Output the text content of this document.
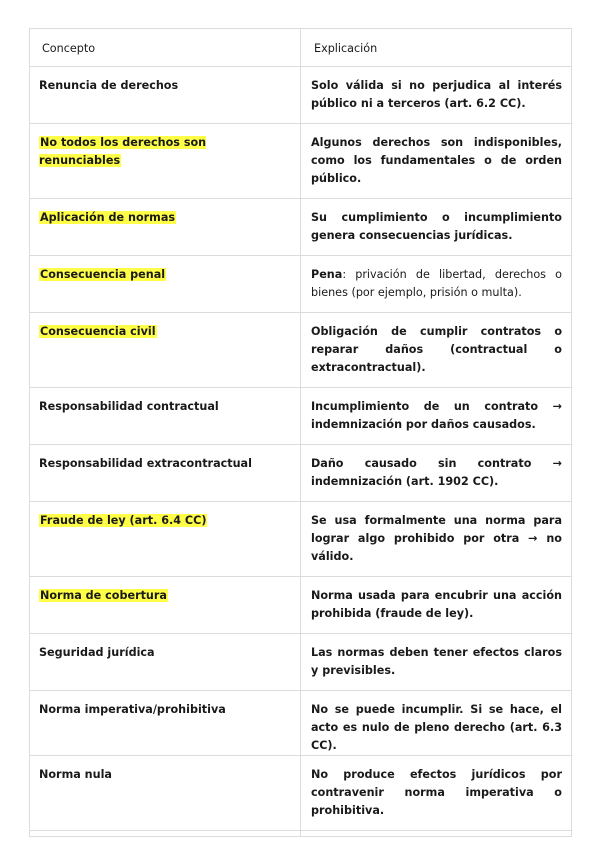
Concepto	Explicación
Renuncia de derechos	Solo válida si no perjudica al interés público ni a terceros (art. 6.2 CC).
No todos los derechos son renunciables	Algunos derechos son indisponibles, como los fundamentales o de orden público.
Aplicación de normas	Su cumplimiento o incumplimiento genera consecuencias jurídicas.
Consecuencia penal	Pena: privación de libertad, derechos o bienes (por ejemplo, prisión o multa).
Consecuencia civil	Obligación de cumplir contratos o reparar daños (contractual o extracontractual).
Responsabilidad contractual	Incumplimiento de un contrato → indemnización por daños causados.
Responsabilidad extracontractual	Daño causado sin contrato → indemnización (art. 1902 CC).
Fraude de ley (art. 6.4 CC)	Se usa formalmente una norma para lograr algo prohibido por otra → no válido.
Norma de cobertura	Norma usada para encubrir una acción prohibida (fraude de ley).
Seguridad jurídica	Las normas deben tener efectos claros y previsibles.
Norma imperativa/prohibitiva	No se puede incumplir. Si se hace, el acto es nulo de pleno derecho (art. 6.3 CC).
Norma nula	No produce efectos jurídicos por contravenir norma imperativa o prohibitiva.
